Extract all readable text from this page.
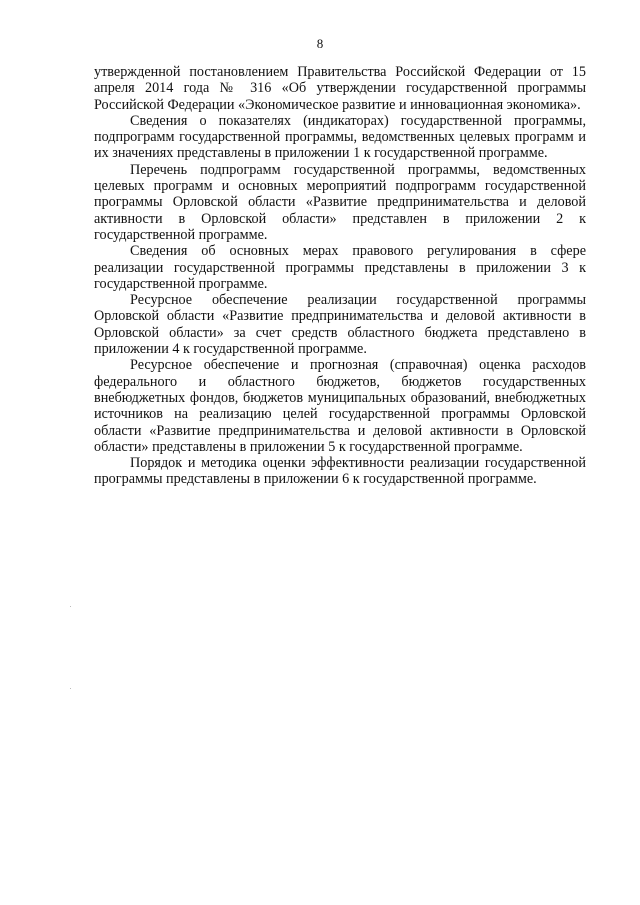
8

утвержденной постановлением Правительства Российской Федерации от 15 апреля 2014 года № 316 «Об утверждении государственной программы Российской Федерации «Экономическое развитие и инновационная экономика».

Сведения о показателях (индикаторах) государственной программы, подпрограмм государственной программы, ведомственных целевых программ и их значениях представлены в приложении 1 к государственной программе.

Перечень подпрограмм государственной программы, ведомственных целевых программ и основных мероприятий подпрограмм государственной программы Орловской области «Развитие предпринимательства и деловой активности в Орловской области» представлен в приложении 2 к государственной программе.

Сведения об основных мерах правового регулирования в сфере реализации государственной программы представлены в приложении 3 к государственной программе.

Ресурсное обеспечение реализации государственной программы Орловской области «Развитие предпринимательства и деловой активности в Орловской области» за счет средств областного бюджета представлено в приложении 4 к государственной программе.

Ресурсное обеспечение и прогнозная (справочная) оценка расходов федерального и областного бюджетов, бюджетов государственных внебюджетных фондов, бюджетов муниципальных образований, внебюджетных источников на реализацию целей государственной программы Орловской области «Развитие предпринимательства и деловой активности в Орловской области» представлены в приложении 5 к государственной программе.

Порядок и методика оценки эффективности реализации государственной программы представлены в приложении 6 к государственной программе.
